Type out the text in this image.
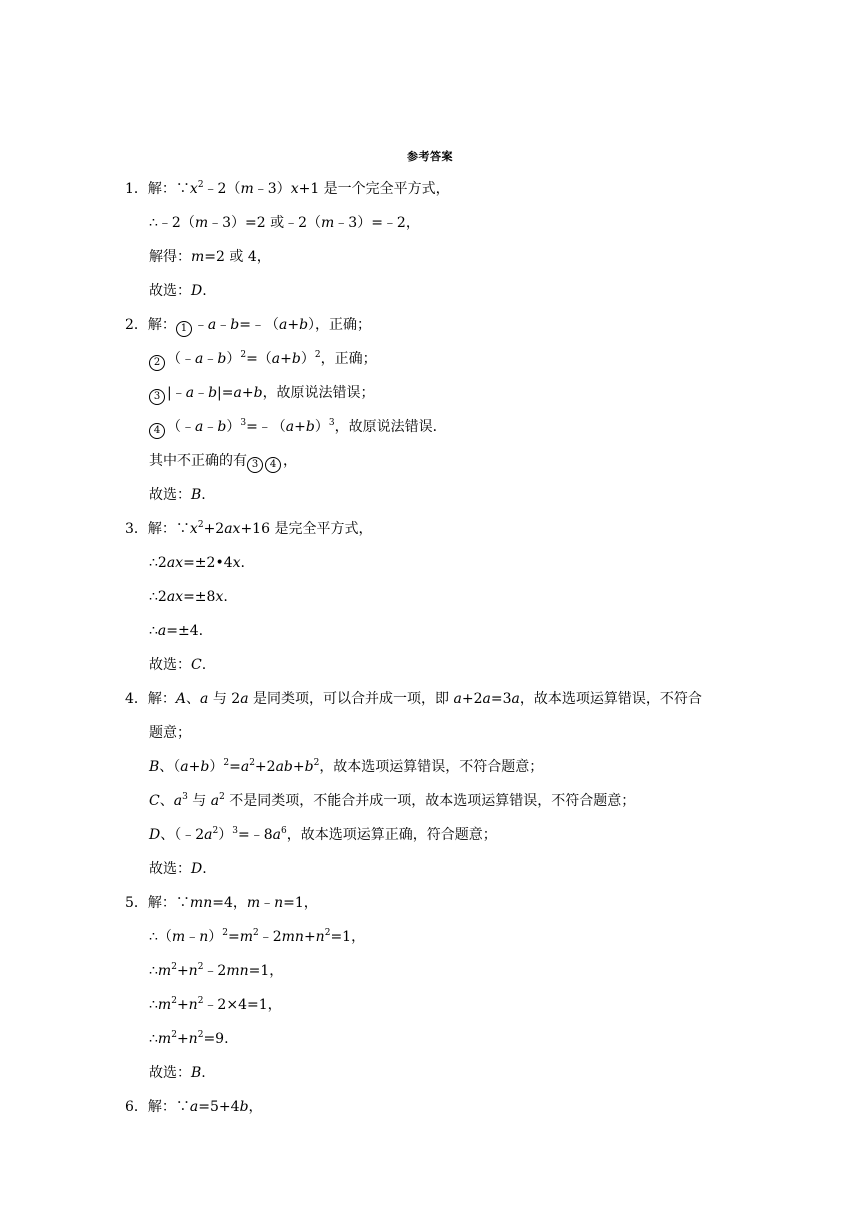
参考答案
1．解：$\because x^2﹣2(m﹣3)x+1$ 是一个完全平方式，
∴﹣2（m﹣3）=2 或﹣2（m﹣3）=﹣2，
解得：m=2 或 4，
故选：D.
2．解： 1 ﹣a﹣b=﹣（a+b），正确；
2 $(﹣a﹣b)^2=(a+b)^2$，正确；
3 |﹣a﹣b|=a+b，故原说法错误；
4 $(﹣a﹣b)^3=﹣(a+b)^3$，故原说法错误．
其中不正确的有 3 4 ，
故选：B.
3．解：$\because x^2+2ax+16$ 是完全平方式，
∴2ax=±2•4x.
∴2ax=±8x.
∴a=±4.
故选：C.
4．解：A、a 与 2a 是同类项，可以合并成一项，即 a+2a=3a，故本选项运算错误，不符合
题意；
B、$(a+b)^2=a^2+2ab+b^2$，故本选项运算错误，不符合题意；
C、$a^3$ 与 $a^2$ 不是同类项，不能合并成一项，故本选项运算错误，不符合题意；
D、$(﹣2a^2)^3=﹣8a^6$，故本选项运算正确，符合题意；
故选：D.
5．解：∵mn=4，m﹣n=1，
$\therefore(m﹣n)^2=m^2﹣2mn+n^2=1$，
$\therefore m^2+n^2﹣2mn=1$，
$\therefore m^2+n^2﹣2\times 4=1$，
$\therefore m^2+n^2=9$.
故选：B.
6．解：∵a=5+4b，
